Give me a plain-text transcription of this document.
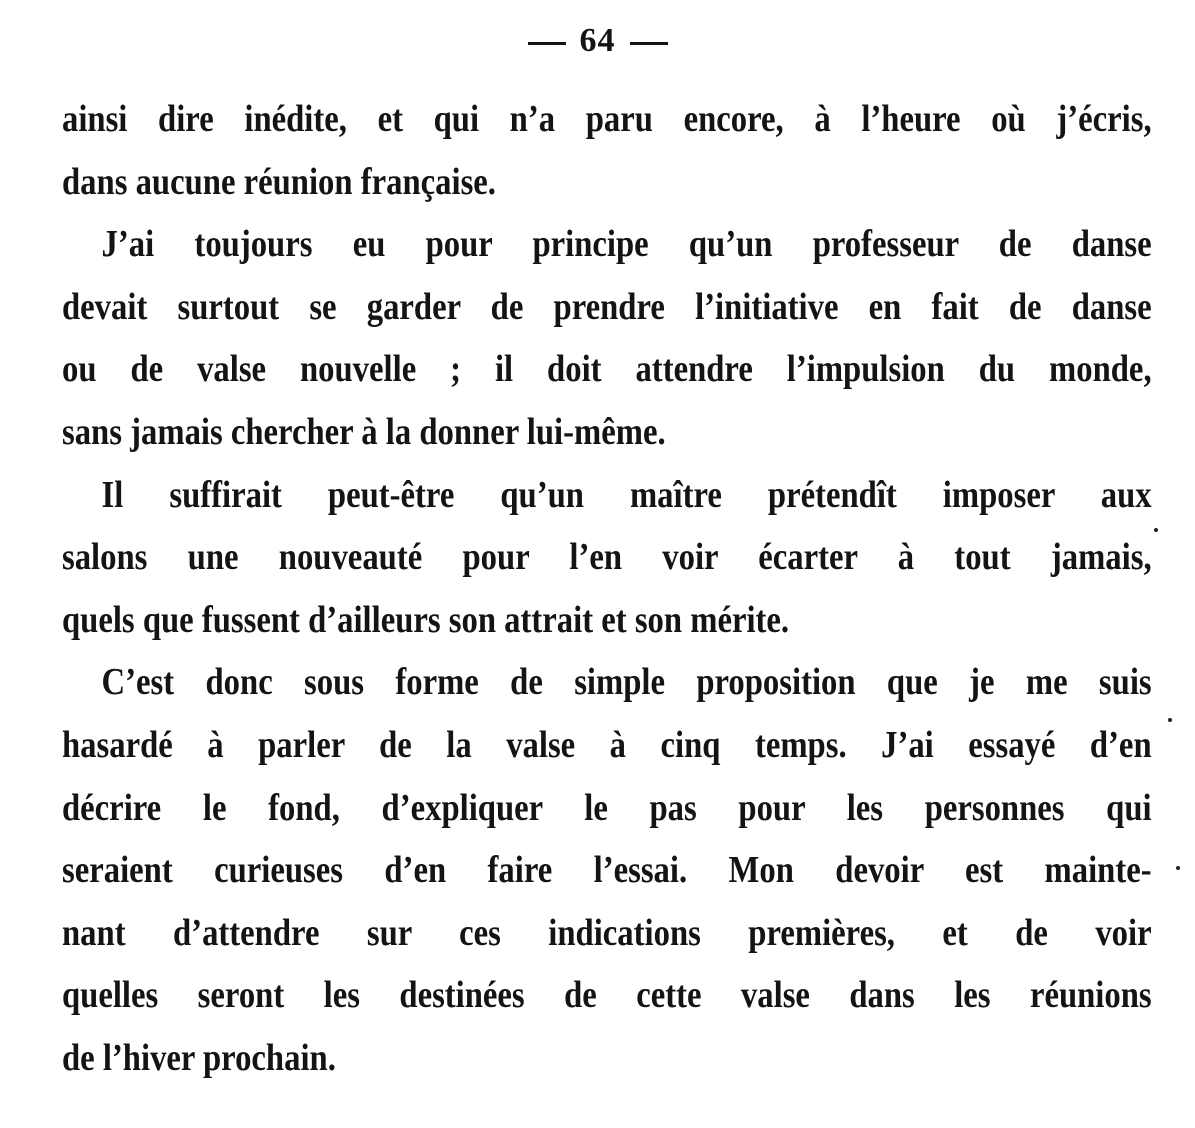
64
ainsi dire inédite, et qui n’a paru encore, à l’heure où j’écris,
dans aucune réunion française.
J’ai toujours eu pour principe qu’un professeur de danse
devait surtout se garder de prendre l’initiative en fait de danse
ou de valse nouvelle ; il doit attendre l’impulsion du monde,
sans jamais chercher à la donner lui-même.
Il suffirait peut-être qu’un maître prétendît imposer aux
salons une nouveauté pour l’en voir écarter à tout jamais,
quels que fussent d’ailleurs son attrait et son mérite.
C’est donc sous forme de simple proposition que je me suis
hasardé à parler de la valse à cinq temps. J’ai essayé d’en
décrire le fond, d’expliquer le pas pour les personnes qui
seraient curieuses d’en faire l’essai. Mon devoir est mainte-
nant d’attendre sur ces indications premières, et de voir
quelles seront les destinées de cette valse dans les réunions
de l’hiver prochain.
